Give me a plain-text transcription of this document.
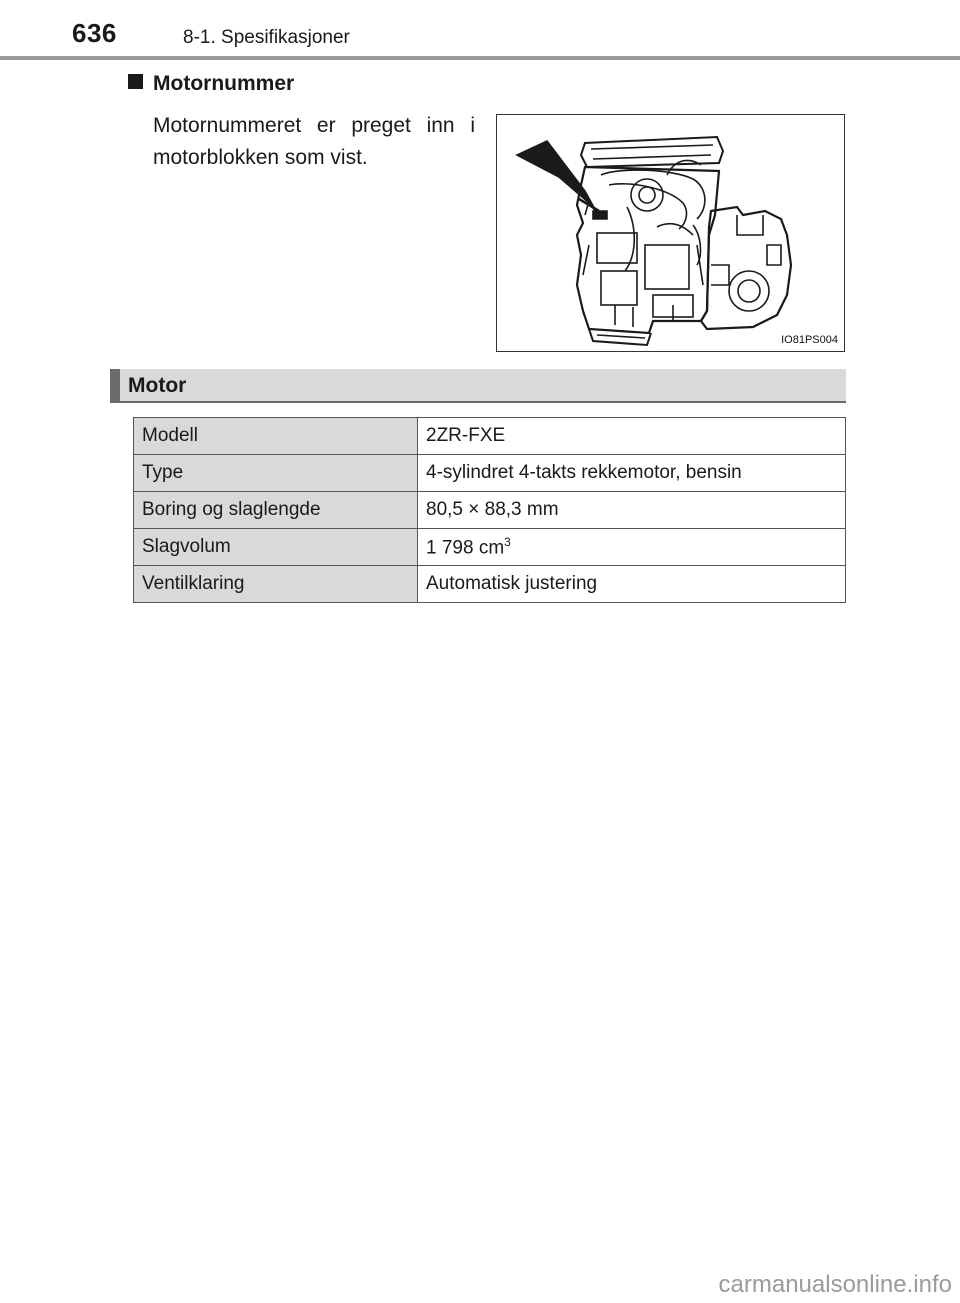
636	8-1. Spesifikasjoner
Motornummer
Motornummeret er preget inn i motorblokken som vist.
IO81PS004
Motor
Modell	2ZR-FXE
Type	4-sylindret 4-takts rekkemotor, bensin
Boring og slaglengde	80,5 × 88,3 mm
Slagvolum	1 798 $cm^3$
Ventilklaring	Automatisk justering
carmanualsonline.info
